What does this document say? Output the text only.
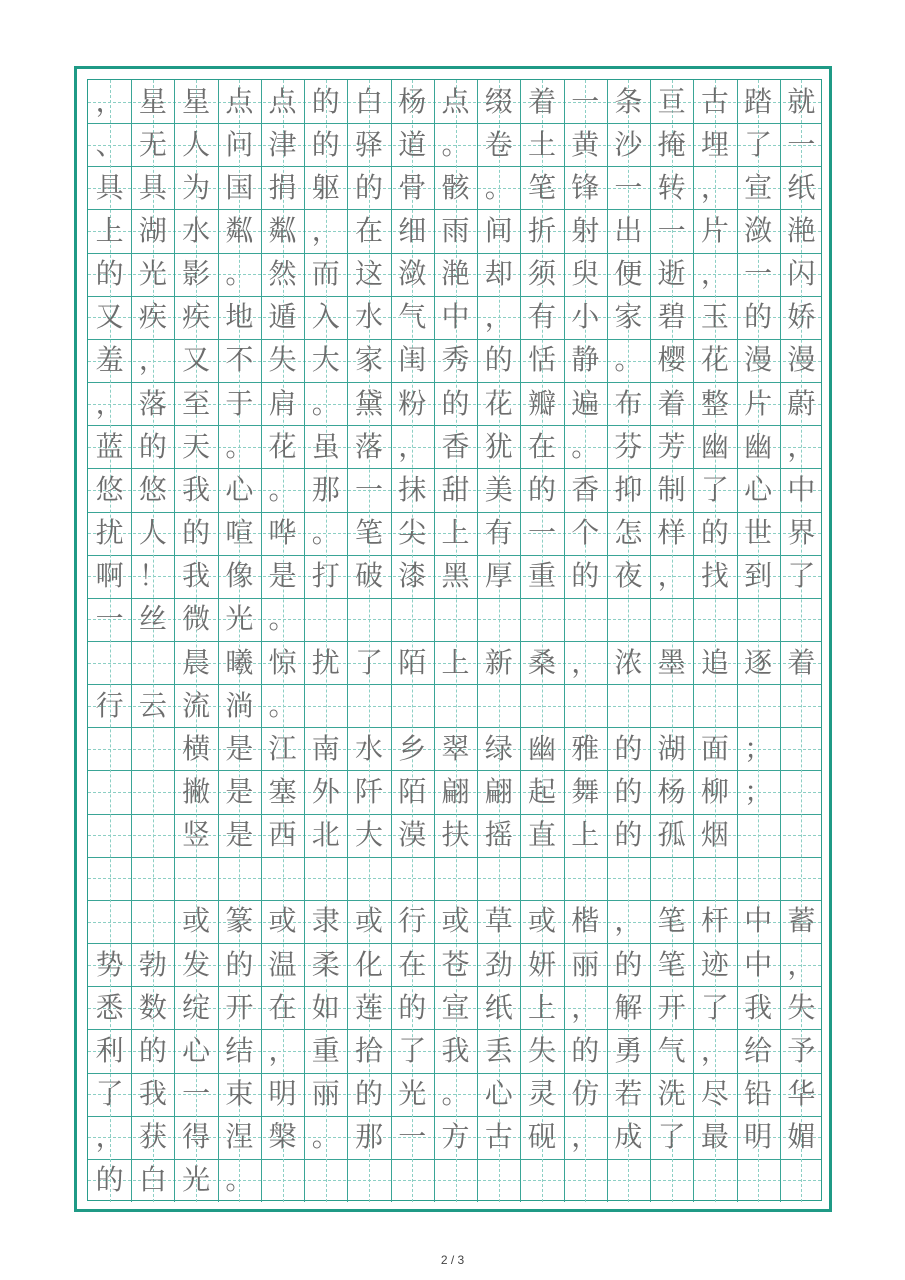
， 星 星 点 点 的 白 杨 点 缀 着 一 条 亘 古 踏 就
、 无 人 问 津 的 驿 道 。 卷 土 黄 沙 掩 埋 了 一
具 具 为 国 捐 躯 的 骨 骸 。 笔 锋 一 转 ， 宣 纸
上 湖 水 粼 粼 ， 在 细 雨 间 折 射 出 一 片 潋 滟
的 光 影 。 然 而 这 潋 滟 却 须 臾 便 逝 ， 一 闪
又 疾 疾 地 遁 入 水 气 中 ， 有 小 家 碧 玉 的 娇
羞 ， 又 不 失 大 家 闺 秀 的 恬 静 。 樱 花 漫 漫
， 落 至 于 肩 。 黛 粉 的 花 瓣 遍 布 着 整 片 蔚
蓝 的 天 。 花 虽 落 ， 香 犹 在 。 芬 芳 幽 幽 ，
悠 悠 我 心 。 那 一 抹 甜 美 的 香 抑 制 了 心 中
扰 人 的 喧 哗 。 笔 尖 上 有 一 个 怎 样 的 世 界
啊 ！ 我 像 是 打 破 漆 黑 厚 重 的 夜 ， 找 到 了
一 丝 微 光 。
晨 曦 惊 扰 了 陌 上 新 桑 ， 浓 墨 追 逐 着
行 云 流 淌 。
横 是 江 南 水 乡 翠 绿 幽 雅 的 湖 面 ；
撇 是 塞 外 阡 陌 翩 翩 起 舞 的 杨 柳 ；
竖 是 西 北 大 漠 扶 摇 直 上 的 孤 烟
或 篆 或 隶 或 行 或 草 或 楷 ， 笔 杆 中 蓄
势 勃 发 的 温 柔 化 在 苍 劲 妍 丽 的 笔 迹 中 ，
悉 数 绽 开 在 如 莲 的 宣 纸 上 ， 解 开 了 我 失
利 的 心 结 ， 重 拾 了 我 丢 失 的 勇 气 ， 给 予
了 我 一 束 明 丽 的 光 。 心 灵 仿 若 洗 尽 铅 华
， 获 得 涅 槃 。 那 一 方 古 砚 ， 成 了 最 明 媚
的 白 光 。
2 / 3
